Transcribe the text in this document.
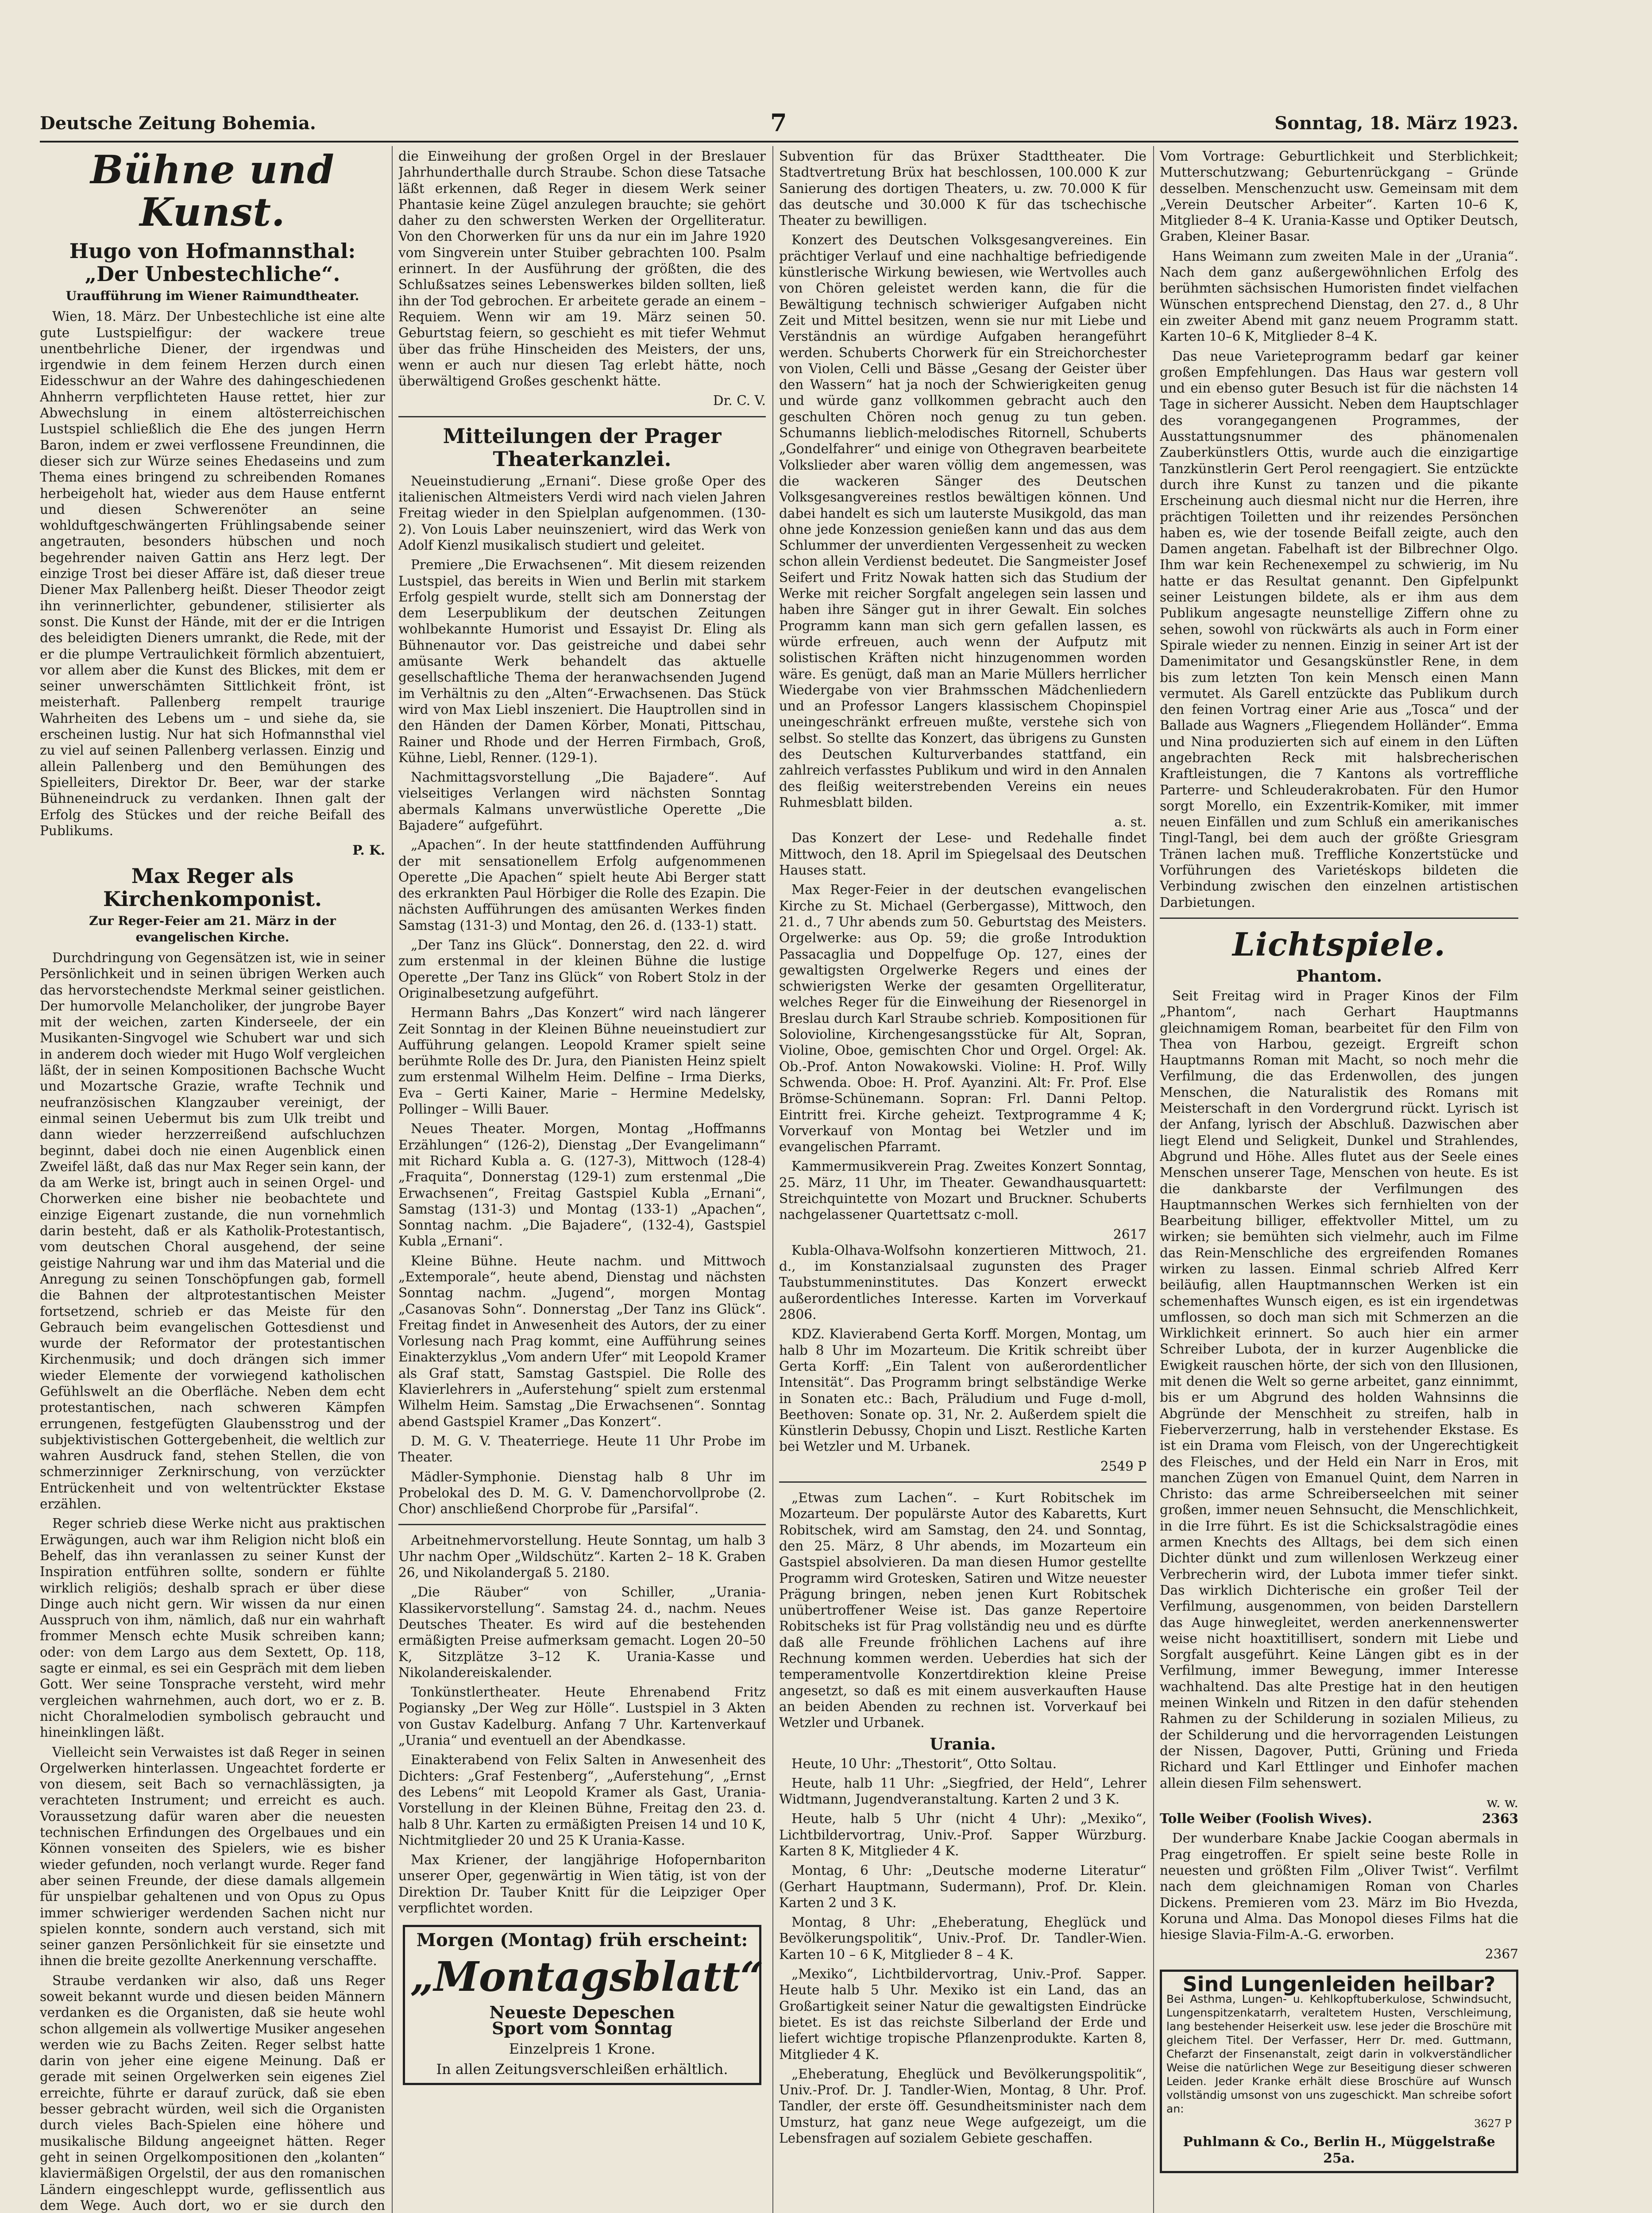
Deutsche Zeitung Bohemia.	7	Sonntag, 18. März 1923.
Bühne und Kunst.
Hugo von Hofmannsthal: „Der Unbestechliche“.
Uraufführung im Wiener Raimundtheater.

Wien, 18. März. Der Unbestechliche ist eine alte gute Lustspielfigur: der wackere treue unentbehrliche Diener, der irgendwas und irgendwie in dem feinem Herzen durch einen Eidesschwur an der Wahre des dahingeschiedenen Ahnherrn verpflichteten Hause rettet, hier zur Abwechslung in einem altösterreichischen Lustspiel schließlich die Ehe des jungen Herrn Baron, indem er zwei verflossene Freundinnen, die dieser sich zur Würze seines Ehedaseins und zum Thema eines bringend zu schreibenden Romanes herbeigeholt hat, wieder aus dem Hause entfernt und diesen Schwerenöter an seine wohlduftgeschwängerten Frühlingsabende seiner angetrauten, besonders hübschen und noch begehrender naiven Gattin ans Herz legt. Der einzige Trost bei dieser Affäre ist, daß dieser treue Diener Max Pallenberg heißt. Dieser Theodor zeigt ihn verinnerlichter, gebundener, stilisierter als sonst. Die Kunst der Hände, mit der er die Intrigen des beleidigten Dieners umrankt, die Rede, mit der er die plumpe Vertraulichkeit förmlich abzentuiert, vor allem aber die Kunst des Blickes, mit dem er seiner unwerschämten Sittlichkeit frönt, ist meisterhaft. Pallenberg rempelt traurige Wahrheiten des Lebens um – und siehe da, sie erscheinen lustig. Nur hat sich Hofmannsthal viel zu viel auf seinen Pallenberg verlassen. Einzig und allein Pallenberg und den Bemühungen des Spielleiters, Direktor Dr. Beer, war der starke Bühneneindruck zu verdanken. Ihnen galt der Erfolg des Stückes und der reiche Beifall des Publikums.

P. K.
Max Reger als Kirchenkomponist.
Zur Reger-Feier am 21. März in der evangelischen Kirche.

Durchdringung von Gegensätzen ist, wie in seiner Persönlichkeit und in seinen übrigen Werken auch das hervorstechendste Merkmal seiner geistlichen. Der humorvolle Melancholiker, der jungrobe Bayer mit der weichen, zarten Kinderseele, der ein Musikanten-Singvogel wie Schubert war und sich in anderem doch wieder mit Hugo Wolf vergleichen läßt, der in seinen Kompositionen Bachsche Wucht und Mozartsche Grazie, wrafte Technik und neufranzösischen Klangzauber vereinigt, der einmal seinen Uebermut bis zum Ulk treibt und dann wieder herzzerreißend aufschluchzen beginnt, dabei doch nie einen Augenblick einen Zweifel läßt, daß das nur Max Reger sein kann, der da am Werke ist, bringt auch in seinen Orgel- und Chorwerken eine bisher nie beobachtete und einzige Eigenart zustande, die nun vornehmlich darin besteht, daß er als Katholik-Protestantisch, vom deutschen Choral ausgehend, der seine geistige Nahrung war und ihm das Material und die Anregung zu seinen Tonschöpfungen gab, formell die Bahnen der altprotestantischen Meister fortsetzend, schrieb er das Meiste für den Gebrauch beim evangelischen Gottesdienst und wurde der Reformator der protestantischen Kirchenmusik; und doch drängen sich immer wieder Elemente der vorwiegend katholischen Gefühlswelt an die Oberfläche. Neben dem echt protestantischen, nach schweren Kämpfen errungenen, festgefügten Glaubensstrog und der subjektivistischen Gottergebenheit, die weltlich zur wahren Ausdruck fand, stehen Stellen, die von schmerzinniger Zerknirschung, von verzückter Entrückenheit und von weltentrückter Ekstase erzählen.

Reger schrieb diese Werke nicht aus praktischen Erwägungen, auch war ihm Religion nicht bloß ein Behelf, das ihn veranlassen zu seiner Kunst der Inspiration entführen sollte, sondern er fühlte wirklich religiös; deshalb sprach er über diese Dinge auch nicht gern. Wir wissen da nur einen Ausspruch von ihm, nämlich, daß nur ein wahrhaft frommer Mensch echte Musik schreiben kann; oder: von dem Largo aus dem Sextett, Op. 118, sagte er einmal, es sei ein Gespräch mit dem lieben Gott. Wer seine Tonsprache versteht, wird mehr vergleichen wahrnehmen, auch dort, wo er z. B. nicht Choralmelodien symbolisch gebraucht und hineinklingen läßt.

Vielleicht sein Verwaistes ist daß Reger in seinen Orgelwerken hinterlassen. Ungeachtet forderte er von diesem, seit Bach so vernachlässigten, ja verachteten Instrument; und erreicht es auch. Voraussetzung dafür waren aber die neuesten technischen Erfindungen des Orgelbaues und ein Können vonseiten des Spielers, wie es bisher wieder gefunden, noch verlangt wurde. Reger fand aber seinen Freunde, der diese damals allgemein für unspielbar gehaltenen und von Opus zu Opus immer schwieriger werdenden Sachen nicht nur spielen konnte, sondern auch verstand, sich mit seiner ganzen Persönlichkeit für sie einsetzte und ihnen die breite gezollte Anerkennung verschaffte.

Straube verdanken wir also, daß uns Reger soweit bekannt wurde und diesen beiden Männern verdanken es die Organisten, daß sie heute wohl schon allgemein als vollwertige Musiker angesehen werden wie zu Bachs Zeiten. Reger selbst hatte darin von jeher eine eigene Meinung. Daß er gerade mit seinen Orgelwerken sein eigenes Ziel erreichte, führte er darauf zurück, daß sie eben besser gebracht würden, weil sich die Organisten durch vieles Bach-Spielen eine höhere und musikalische Bildung angeeignet hätten. Reger geht in seinen Orgelkompositionen den „kolanten“ klaviermäßigen Orgelstil, der aus den romanischen Ländern eingeschleppt wurde, geflissentlich aus dem Wege. Auch dort, wo er sie durch den

die Einweihung der großen Orgel in der Breslauer Jahrhunderthalle durch Straube. Schon diese Tatsache läßt erkennen, daß Reger in diesem Werk seiner Phantasie keine Zügel anzulegen brauchte; sie gehört daher zu den schwersten Werken der Orgelliteratur. Von den Chorwerken für uns da nur ein im Jahre 1920 vom Singverein unter Stuiber gebrachten 100. Psalm erinnert. In der Ausführung der größten, die des Schlußsatzes seines Lebenswerkes bilden sollten, ließ ihn der Tod gebrochen. Er arbeitete gerade an einem – Requiem. Wenn wir am 19. März seinen 50. Geburtstag feiern, so geschieht es mit tiefer Wehmut über das frühe Hinscheiden des Meisters, der uns, wenn er auch nur diesen Tag erlebt hätte, noch überwältigend Großes geschenkt hätte.

Dr. C. V.
Mitteilungen der Prager Theaterkanzlei.

Neueinstudierung „Ernani“. Diese große Oper des italienischen Altmeisters Verdi wird nach vielen Jahren Freitag wieder in den Spielplan aufgenommen. (130-2). Von Louis Laber neuinszeniert, wird das Werk von Adolf Kienzl musikalisch studiert und geleitet.

Premiere „Die Erwachsenen“. Mit diesem reizenden Lustspiel, das bereits in Wien und Berlin mit starkem Erfolg gespielt wurde, stellt sich am Donnerstag der dem Leserpublikum der deutschen Zeitungen wohlbekannte Humorist und Essayist Dr. Eling als Bühnenautor vor. Das geistreiche und dabei sehr amüsante Werk behandelt das aktuelle gesellschaftliche Thema der heranwachsenden Jugend im Verhältnis zu den „Alten“-Erwachsenen. Das Stück wird von Max Liebl inszeniert. Die Hauptrollen sind in den Händen der Damen Körber, Monati, Pittschau, Rainer und Rhode und der Herren Firmbach, Groß, Kühne, Liebl, Renner. (129-1).

Nachmittagsvorstellung „Die Bajadere“. Auf vielseitiges Verlangen wird nächsten Sonntag abermals Kalmans unverwüstliche Operette „Die Bajadere“ aufgeführt.

„Apachen“. In der heute stattfindenden Aufführung der mit sensationellem Erfolg aufgenommenen Operette „Die Apachen“ spielt heute Abi Berger statt des erkrankten Paul Hörbiger die Rolle des Ezapin. Die nächsten Aufführungen des amüsanten Werkes finden Samstag (131-3) und Montag, den 26. d. (133-1) statt.

„Der Tanz ins Glück“. Donnerstag, den 22. d. wird zum erstenmal in der kleinen Bühne die lustige Operette „Der Tanz ins Glück“ von Robert Stolz in der Originalbesetzung aufgeführt.

Hermann Bahrs „Das Konzert“ wird nach längerer Zeit Sonntag in der Kleinen Bühne neueinstudiert zur Aufführung gelangen. Leopold Kramer spielt seine berühmte Rolle des Dr. Jura, den Pianisten Heinz spielt zum erstenmal Wilhelm Heim. Delfine – Irma Dierks, Eva – Gerti Kainer, Marie – Hermine Medelsky, Pollinger – Willi Bauer.

Neues Theater. Morgen, Montag „Hoffmanns Erzählungen“ (126-2), Dienstag „Der Evangelimann“ mit Richard Kubla a. G. (127-3), Mittwoch (128-4) „Fraquita“, Donnerstag (129-1) zum erstenmal „Die Erwachsenen“, Freitag Gastspiel Kubla „Ernani“, Samstag (131-3) und Montag (133-1) „Apachen“, Sonntag nachm. „Die Bajadere“, (132-4), Gastspiel Kubla „Ernani“.

Kleine Bühne. Heute nachm. und Mittwoch „Extemporale“, heute abend, Dienstag und nächsten Sonntag nachm. „Jugend“, morgen Montag „Casanovas Sohn“. Donnerstag „Der Tanz ins Glück“. Freitag findet in Anwesenheit des Autors, der zu einer Vorlesung nach Prag kommt, eine Aufführung seines Einakterzyklus „Vom andern Ufer“ mit Leopold Kramer als Graf statt, Samstag Gastspiel. Die Rolle des Klavierlehrers in „Auferstehung“ spielt zum erstenmal Wilhelm Heim. Samstag „Die Erwachsenen“. Sonntag abend Gastspiel Kramer „Das Konzert“.

D. M. G. V. Theaterriege. Heute 11 Uhr Probe im Theater.

Mädler-Symphonie. Dienstag halb 8 Uhr im Probelokal des D. M. G. V. Damenchorvollprobe (2. Chor) anschließend Chorprobe für „Parsifal“.

Arbeitnehmervorstellung. Heute Sonntag, um halb 3 Uhr nachm Oper „Wildschütz“. Karten 2– 18 K. Graben 26, und Nikolandergaß 5. 2180.

„Die Räuber“ von Schiller, „Urania-Klassikervorstellung“. Samstag 24. d., nachm. Neues Deutsches Theater. Es wird auf die bestehenden ermäßigten Preise aufmerksam gemacht. Logen 20–50 K, Sitzplätze 3–12 K. Urania-Kasse und Nikolandereiskalender.

Tonkünstlertheater. Heute Ehrenabend Fritz Pogiansky „Der Weg zur Hölle“. Lustspiel in 3 Akten von Gustav Kadelburg. Anfang 7 Uhr. Kartenverkauf „Urania“ und eventuell an der Abendkasse.

Einakterabend von Felix Salten in Anwesenheit des Dichters: „Graf Festenberg“, „Auferstehung“, „Ernst des Lebens“ mit Leopold Kramer als Gast, Urania-Vorstellung in der Kleinen Bühne, Freitag den 23. d. halb 8 Uhr. Karten zu ermäßigten Preisen 14 und 10 K, Nichtmitglieder 20 und 25 K Urania-Kasse.

Max Kriener, der langjährige Hofopernbariton unserer Oper, gegenwärtig in Wien tätig, ist von der Direktion Dr. Tauber Knitt für die Leipziger Oper verpflichtet worden.

Morgen (Montag) früh erscheint:
„Montagsblatt“
Neueste Depeschen
Sport vom Sonntag
Einzelpreis 1 Krone.
In allen Zeitungsverschleißen erhältlich.

Subvention für das Brüxer Stadttheater. Die Stadtvertretung Brüx hat beschlossen, 100.000 K zur Sanierung des dortigen Theaters, u. zw. 70.000 K für das deutsche und 30.000 K für das tschechische Theater zu bewilligen.

Konzert des Deutschen Volksgesangvereines. Ein prächtiger Verlauf und eine nachhaltige befriedigende künstlerische Wirkung bewiesen, wie Wertvolles auch von Chören geleistet werden kann, die für die Bewältigung technisch schwieriger Aufgaben nicht Zeit und Mittel besitzen, wenn sie nur mit Liebe und Verständnis an würdige Aufgaben herangeführt werden. Schuberts Chorwerk für ein Streichorchester von Violen, Celli und Bässe „Gesang der Geister über den Wassern“ hat ja noch der Schwierigkeiten genug und würde ganz vollkommen gebracht auch den geschulten Chören noch genug zu tun geben. Schumanns lieblich-melodisches Ritornell, Schuberts „Gondelfahrer“ und einige von Othegraven bearbeitete Volkslieder aber waren völlig dem angemessen, was die wackeren Sänger des Deutschen Volksgesangvereines restlos bewältigen können. Und dabei handelt es sich um lauterste Musikgold, das man ohne jede Konzession genießen kann und das aus dem Schlummer der unverdienten Vergessenheit zu wecken schon allein Verdienst bedeutet. Die Sangmeister Josef Seifert und Fritz Nowak hatten sich das Studium der Werke mit reicher Sorgfalt angelegen sein lassen und haben ihre Sänger gut in ihrer Gewalt. Ein solches Programm kann man sich gern gefallen lassen, es würde erfreuen, auch wenn der Aufputz mit solistischen Kräften nicht hinzugenommen worden wäre. Es genügt, daß man an Marie Müllers herrlicher Wiedergabe von vier Brahmsschen Mädchenliedern und an Professor Langers klassischem Chopinspiel uneingeschränkt erfreuen mußte, verstehe sich von selbst. So stellte das Konzert, das übrigens zu Gunsten des Deutschen Kulturverbandes stattfand, ein zahlreich verfasstes Publikum und wird in den Annalen des fleißig weiterstrebenden Vereins ein neues Ruhmesblatt bilden.

a. st.

Das Konzert der Lese- und Redehalle findet Mittwoch, den 18. April im Spiegelsaal des Deutschen Hauses statt.

Max Reger-Feier in der deutschen evangelischen Kirche zu St. Michael (Gerbergasse), Mittwoch, den 21. d., 7 Uhr abends zum 50. Geburtstag des Meisters. Orgelwerke: aus Op. 59; die große Introduktion Passacaglia und Doppelfuge Op. 127, eines der gewaltigsten Orgelwerke Regers und eines der schwierigsten Werke der gesamten Orgelliteratur, welches Reger für die Einweihung der Riesenorgel in Breslau durch Karl Straube schrieb. Kompositionen für Solovioline, Kirchengesangsstücke für Alt, Sopran, Violine, Oboe, gemischten Chor und Orgel. Orgel: Ak. Ob.-Prof. Anton Nowakowski. Violine: H. Prof. Willy Schwenda. Oboe: H. Prof. Ayanzini. Alt: Fr. Prof. Else Brömse-Schünemann. Sopran: Frl. Danni Peltop. Eintritt frei. Kirche geheizt. Textprogramme 4 K; Vorverkauf von Montag bei Wetzler und im evangelischen Pfarramt.

Kammermusikverein Prag. Zweites Konzert Sonntag, 25. März, 11 Uhr, im Theater. Gewandhausquartett: Streichquintette von Mozart und Bruckner. Schuberts nachgelassener Quartettsatz c-moll.

2617

Kubla-Olhava-Wolfsohn konzertieren Mittwoch, 21. d., im Konstanzialsaal zugunsten des Prager Taubstummeninstitutes. Das Konzert erweckt außerordentliches Interesse. Karten im Vorverkauf 2806.

KDZ. Klavierabend Gerta Korff. Morgen, Montag, um halb 8 Uhr im Mozarteum. Die Kritik schreibt über Gerta Korff: „Ein Talent von außerordentlicher Intensität“. Das Programm bringt selbständige Werke in Sonaten etc.: Bach, Präludium und Fuge d-moll, Beethoven: Sonate op. 31, Nr. 2. Außerdem spielt die Künstlerin Debussy, Chopin und Liszt. Restliche Karten bei Wetzler und M. Urbanek.

2549 P

„Etwas zum Lachen“. – Kurt Robitschek im Mozarteum. Der populärste Autor des Kabaretts, Kurt Robitschek, wird am Samstag, den 24. und Sonntag, den 25. März, 8 Uhr abends, im Mozarteum ein Gastspiel absolvieren. Da man diesen Humor gestellte Programm wird Grotesken, Satiren und Witze neuester Prägung bringen, neben jenen Kurt Robitschek unübertroffener Weise ist. Das ganze Repertoire Robitscheks ist für Prag vollständig neu und es dürfte daß alle Freunde fröhlichen Lachens auf ihre Rechnung kommen werden. Ueberdies hat sich der temperamentvolle Konzertdirektion kleine Preise angesetzt, so daß es mit einem ausverkauften Hause an beiden Abenden zu rechnen ist. Vorverkauf bei Wetzler und Urbanek.

Urania.

Heute, 10 Uhr: „Thestorit“, Otto Soltau.

Heute, halb 11 Uhr: „Siegfried, der Held“, Lehrer Widtmann, Jugendveranstaltung. Karten 2 und 3 K.

Heute, halb 5 Uhr (nicht 4 Uhr): „Mexiko“, Lichtbildervortrag, Univ.-Prof. Sapper Würzburg. Karten 8 K, Mitglieder 4 K.

Montag, 6 Uhr: „Deutsche moderne Literatur“ (Gerhart Hauptmann, Sudermann), Prof. Dr. Klein. Karten 2 und 3 K.

Montag, 8 Uhr: „Eheberatung, Eheglück und Bevölkerungspolitik“, Univ.-Prof. Dr. Tandler-Wien. Karten 10 – 6 K, Mitglieder 8 – 4 K.

„Mexiko“, Lichtbildervortrag, Univ.-Prof. Sapper. Heute halb 5 Uhr. Mexiko ist ein Land, das an Großartigkeit seiner Natur die gewaltigsten Eindrücke bietet. Es ist das reichste Silberland der Erde und liefert wichtige tropische Pflanzenprodukte. Karten 8, Mitglieder 4 K.

„Eheberatung, Eheglück und Bevölkerungspolitik“, Univ.-Prof. Dr. J. Tandler-Wien, Montag, 8 Uhr. Prof. Tandler, der erste öff. Gesundheitsminister nach dem Umsturz, hat ganz neue Wege aufgezeigt, um die Lebensfragen auf sozialem Gebiete geschaffen.

Vom Vortrage: Geburtlichkeit und Sterblichkeit; Mutterschutzwang; Geburtenrückgang – Gründe desselben. Menschenzucht usw. Gemeinsam mit dem „Verein Deutscher Arbeiter“. Karten 10–6 K, Mitglieder 8–4 K. Urania-Kasse und Optiker Deutsch, Graben, Kleiner Basar.

Hans Weimann zum zweiten Male in der „Urania“. Nach dem ganz außergewöhnlichen Erfolg des berühmten sächsischen Humoristen findet vielfachen Wünschen entsprechend Dienstag, den 27. d., 8 Uhr ein zweiter Abend mit ganz neuem Programm statt. Karten 10–6 K, Mitglieder 8–4 K.

Das neue Varieteprogramm bedarf gar keiner großen Empfehlungen. Das Haus war gestern voll und ein ebenso guter Besuch ist für die nächsten 14 Tage in sicherer Aussicht. Neben dem Hauptschlager des vorangegangenen Programmes, der Ausstattungsnummer des phänomenalen Zauberkünstlers Ottis, wurde auch die einzigartige Tanzkünstlerin Gert Perol reengagiert. Sie entzückte durch ihre Kunst zu tanzen und die pikante Erscheinung auch diesmal nicht nur die Herren, ihre prächtigen Toiletten und ihr reizendes Persönchen haben es, wie der tosende Beifall zeigte, auch den Damen angetan. Fabelhaft ist der Bilbrechner Olgo. Ihm war kein Rechenexempel zu schwierig, im Nu hatte er das Resultat genannt. Den Gipfelpunkt seiner Leistungen bildete, als er ihm aus dem Publikum angesagte neunstellige Ziffern ohne zu sehen, sowohl von rückwärts als auch in Form einer Spirale wieder zu nennen. Einzig in seiner Art ist der Damenimitator und Gesangskünstler Rene, in dem bis zum letzten Ton kein Mensch einen Mann vermutet. Als Garell entzückte das Publikum durch den feinen Vortrag einer Arie aus „Tosca“ und der Ballade aus Wagners „Fliegendem Holländer“. Emma und Nina produzierten sich auf einem in den Lüften angebrachten Reck mit halsbrecherischen Kraftleistungen, die 7 Kantons als vortreffliche Parterre- und Schleuderakrobaten. Für den Humor sorgt Morello, ein Exzentrik-Komiker, mit immer neuen Einfällen und zum Schluß ein amerikanisches Tingl-Tangl, bei dem auch der größte Griesgram Tränen lachen muß. Treffliche Konzertstücke und Vorführungen des Varietéskops bildeten die Verbindung zwischen den einzelnen artistischen Darbietungen.

Lichtspiele.
Phantom.

Seit Freitag wird in Prager Kinos der Film „Phantom“, nach Gerhart Hauptmanns gleichnamigem Roman, bearbeitet für den Film von Thea von Harbou, gezeigt. Ergreift schon Hauptmanns Roman mit Macht, so noch mehr die Verfilmung, die das Erdenwollen, des jungen Menschen, die Naturalistik des Romans mit Meisterschaft in den Vordergrund rückt. Lyrisch ist der Anfang, lyrisch der Abschluß. Dazwischen aber liegt Elend und Seligkeit, Dunkel und Strahlendes, Abgrund und Höhe. Alles flutet aus der Seele eines Menschen unserer Tage, Menschen von heute. Es ist die dankbarste der Verfilmungen des Hauptmannschen Werkes sich fernhielten von der Bearbeitung billiger, effektvoller Mittel, um zu wirken; sie bemühten sich vielmehr, auch im Filme das Rein-Menschliche des ergreifenden Romanes wirken zu lassen. Einmal schrieb Alfred Kerr beiläufig, allen Hauptmannschen Werken ist ein schemenhaftes Wunsch eigen, es ist ein irgendetwas umflossen, so doch man sich mit Schmerzen an die Wirklichkeit erinnert. So auch hier ein armer Schreiber Lubota, der in kurzer Augenblicke die Ewigkeit rauschen hörte, der sich von den Illusionen, mit denen die Welt so gerne arbeitet, ganz einnimmt, bis er um Abgrund des holden Wahnsinns die Abgründe der Menschheit zu streifen, halb in Fieberverzerrung, halb in verstehender Ekstase. Es ist ein Drama vom Fleisch, von der Ungerechtigkeit des Fleisches, und der Held ein Narr in Eros, mit manchen Zügen von Emanuel Quint, dem Narren in Christo: das arme Schreiberseelchen mit seiner großen, immer neuen Sehnsucht, die Menschlichkeit, in die Irre führt. Es ist die Schicksalstragödie eines armen Knechts des Alltags, bei dem sich einen Dichter dünkt und zum willenlosen Werkzeug einer Verbrecherin wird, der Lubota immer tiefer sinkt. Das wirklich Dichterische ein großer Teil der Verfilmung, ausgenommen, von beiden Darstellern das Auge hinwegleitet, werden anerkennenswerter weise nicht hoaxtitillisert, sondern mit Liebe und Sorgfalt ausgeführt. Keine Längen gibt es in der Verfilmung, immer Bewegung, immer Interesse wachhaltend. Das alte Prestige hat in den heutigen meinen Winkeln und Ritzen in den dafür stehenden Rahmen zu der Schilderung in sozialen Milieus, zu der Schilderung und die hervorragenden Leistungen der Nissen, Dagover, Putti, Grüning und Frieda Richard und Karl Ettlinger und Einhofer machen allein diesen Film sehenswert.

w. w.

Tolle Weiber (Foolish Wives).	2363

Der wunderbare Knabe Jackie Coogan abermals in Prag eingetroffen. Er spielt seine beste Rolle in neuesten und größten Film „Oliver Twist“. Verfilmt nach dem gleichnamigen Roman von Charles Dickens. Premieren vom 23. März im Bio Hvezda, Koruna und Alma. Das Monopol dieses Films hat die hiesige Slavia-Film-A.-G. erworben.

2367
Sind Lungenleiden heilbar?
Bei Asthma, Lungen- u. Kehlkopftuberkulose, Schwindsucht, Lungenspitzenkatarrh, veraltetem Husten, Verschleimung, lang bestehender Heiserkeit usw. lese jeder die Broschüre mit gleichem Titel. Der Verfasser, Herr Dr. med. Guttmann, Chefarzt der Finsenanstalt, zeigt darin in volkverständlicher Weise die natürlichen Wege zur Beseitigung dieser schweren Leiden. Jeder Kranke erhält diese Broschüre auf Wunsch vollständig umsonst von uns zugeschickt. Man schreibe sofort an:
3627 P
Puhlmann & Co., Berlin H., Müggelstraße 25a.
